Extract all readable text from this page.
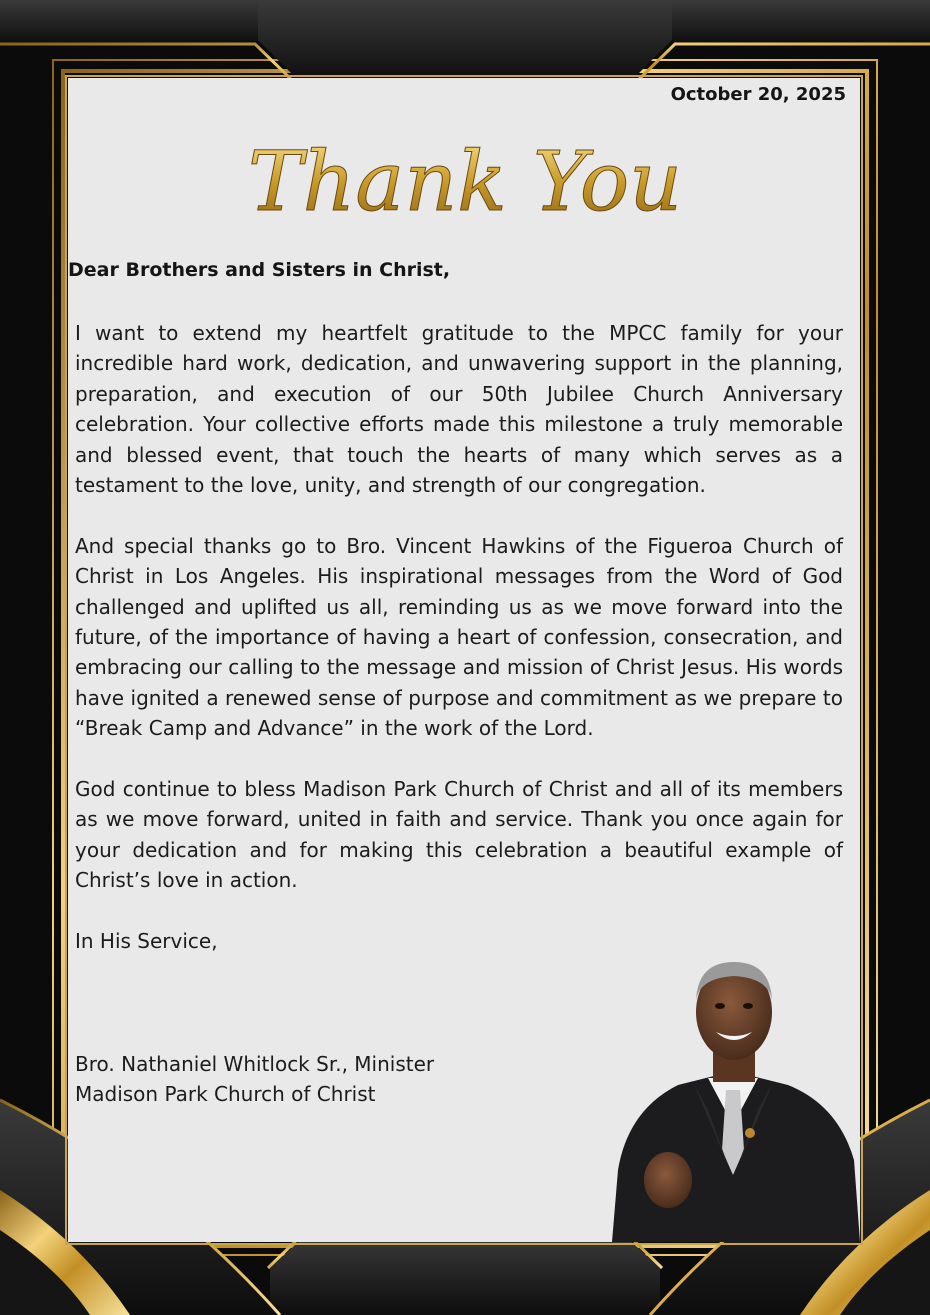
October 20, 2025
Thank You
Dear Brothers and Sisters in Christ,

I want to extend my heartfelt gratitude to the MPCC family for your incredible hard work, dedication, and unwavering support in the planning, preparation, and execution of our 50th Jubilee Church Anniversary celebration. Your collective efforts made this milestone a truly memorable and blessed event, that touch the hearts of many which serves as a testament to the love, unity, and strength of our congregation.

And special thanks go to Bro. Vincent Hawkins of the Figueroa Church of Christ in Los Angeles. His inspirational messages from the Word of God challenged and uplifted us all, reminding us as we move forward into the future, of the importance of having a heart of confession, consecration, and embracing our calling to the message and mission of Christ Jesus. His words have ignited a renewed sense of purpose and commitment as we prepare to “Break Camp and Advance” in the work of the Lord.

God continue to bless Madison Park Church of Christ and all of its members as we move forward, united in faith and service. Thank you once again for your dedication and for making this celebration a beautiful example of Christ’s love in action.

In His Service,

Bro. Nathaniel Whitlock Sr., Minister
Madison Park Church of Christ
